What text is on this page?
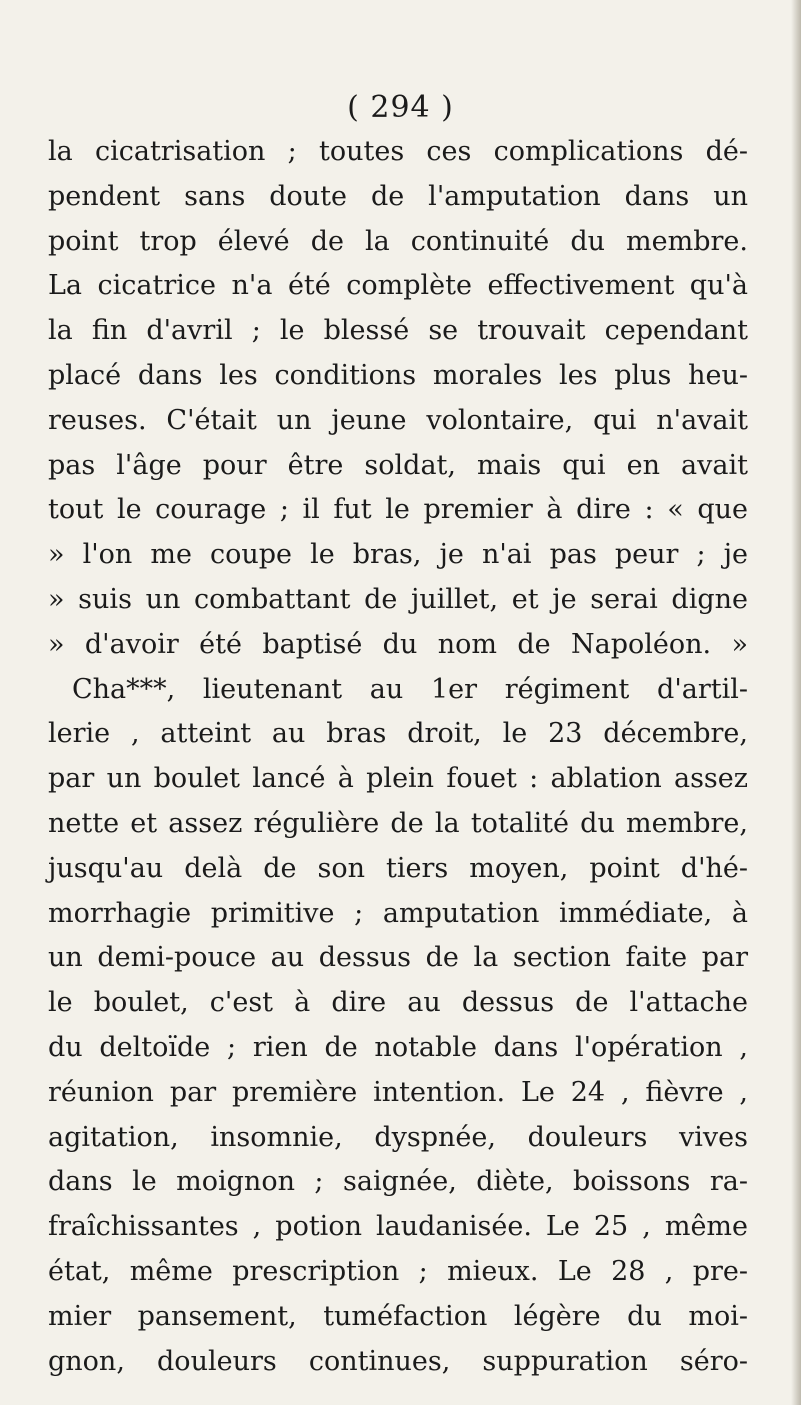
( 294 )
la cicatrisation ; toutes ces complications dé-
pendent sans doute de l'amputation dans un
point trop élevé de la continuité du membre.
La cicatrice n'a été complète effectivement qu'à
la fin d'avril ; le blessé se trouvait cependant
placé dans les conditions morales les plus heu-
reuses. C'était un jeune volontaire, qui n'avait
pas l'âge pour être soldat, mais qui en avait
tout le courage ; il fut le premier à dire : « que
» l'on me coupe le bras, je n'ai pas peur ; je
» suis un combattant de juillet, et je serai digne
» d'avoir été baptisé du nom de Napoléon. »
Cha***, lieutenant au 1er régiment d'artil-
lerie , atteint au bras droit, le 23 décembre,
par un boulet lancé à plein fouet : ablation assez
nette et assez régulière de la totalité du membre,
jusqu'au delà de son tiers moyen, point d'hé-
morrhagie primitive ; amputation immédiate, à
un demi-pouce au dessus de la section faite par
le boulet, c'est à dire au dessus de l'attache
du deltoïde ; rien de notable dans l'opération ,
réunion par première intention. Le 24 , fièvre ,
agitation, insomnie, dyspnée, douleurs vives
dans le moignon ; saignée, diète, boissons ra-
fraîchissantes , potion laudanisée. Le 25 , même
état, même prescription ; mieux. Le 28 , pre-
mier pansement, tuméfaction légère du moi-
gnon, douleurs continues, suppuration séro-
